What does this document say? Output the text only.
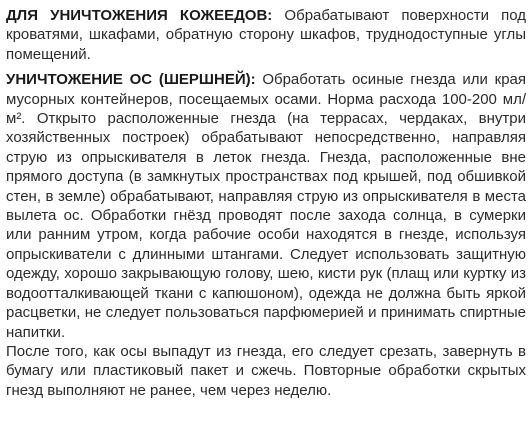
ДЛЯ УНИЧТОЖЕНИЯ КОЖЕЕДОВ: Обрабатывают поверхности под кроватями, шкафами, обратную сторону шкафов, труднодоступные углы помещений.

УНИЧТОЖЕНИЕ ОС (ШЕРШНЕЙ): Обработать осиные гнезда или края мусорных контейнеров, посещаемых осами. Норма расхода 100-200 мл/м². Открыто расположенные гнезда (на террасах, чердаках, внутри хозяйственных построек) обрабатывают непосредственно, направляя струю из опрыскивателя в леток гнезда. Гнезда, расположенные вне прямого доступа (в замкнутых пространствах под крышей, под обшивкой стен, в земле) обрабатывают, направляя струю из опрыскивателя в места вылета ос. Обработки гнёзд проводят после захода солнца, в сумерки или ранним утром, когда рабочие особи находятся в гнезде, используя опрыскиватели с длинными штангами. Следует использовать защитную одежду, хорошо закрывающую голову, шею, кисти рук (плащ или куртку из водоотталкивающей ткани с капюшоном), одежда не должна быть яркой расцветки, не следует пользоваться парфюмерией и принимать спиртные напитки.

После того, как осы выпадут из гнезда, его следует срезать, завернуть в бумагу или пластиковый пакет и сжечь. Повторные обработки скрытых гнезд выполняют не ранее, чем через неделю.
